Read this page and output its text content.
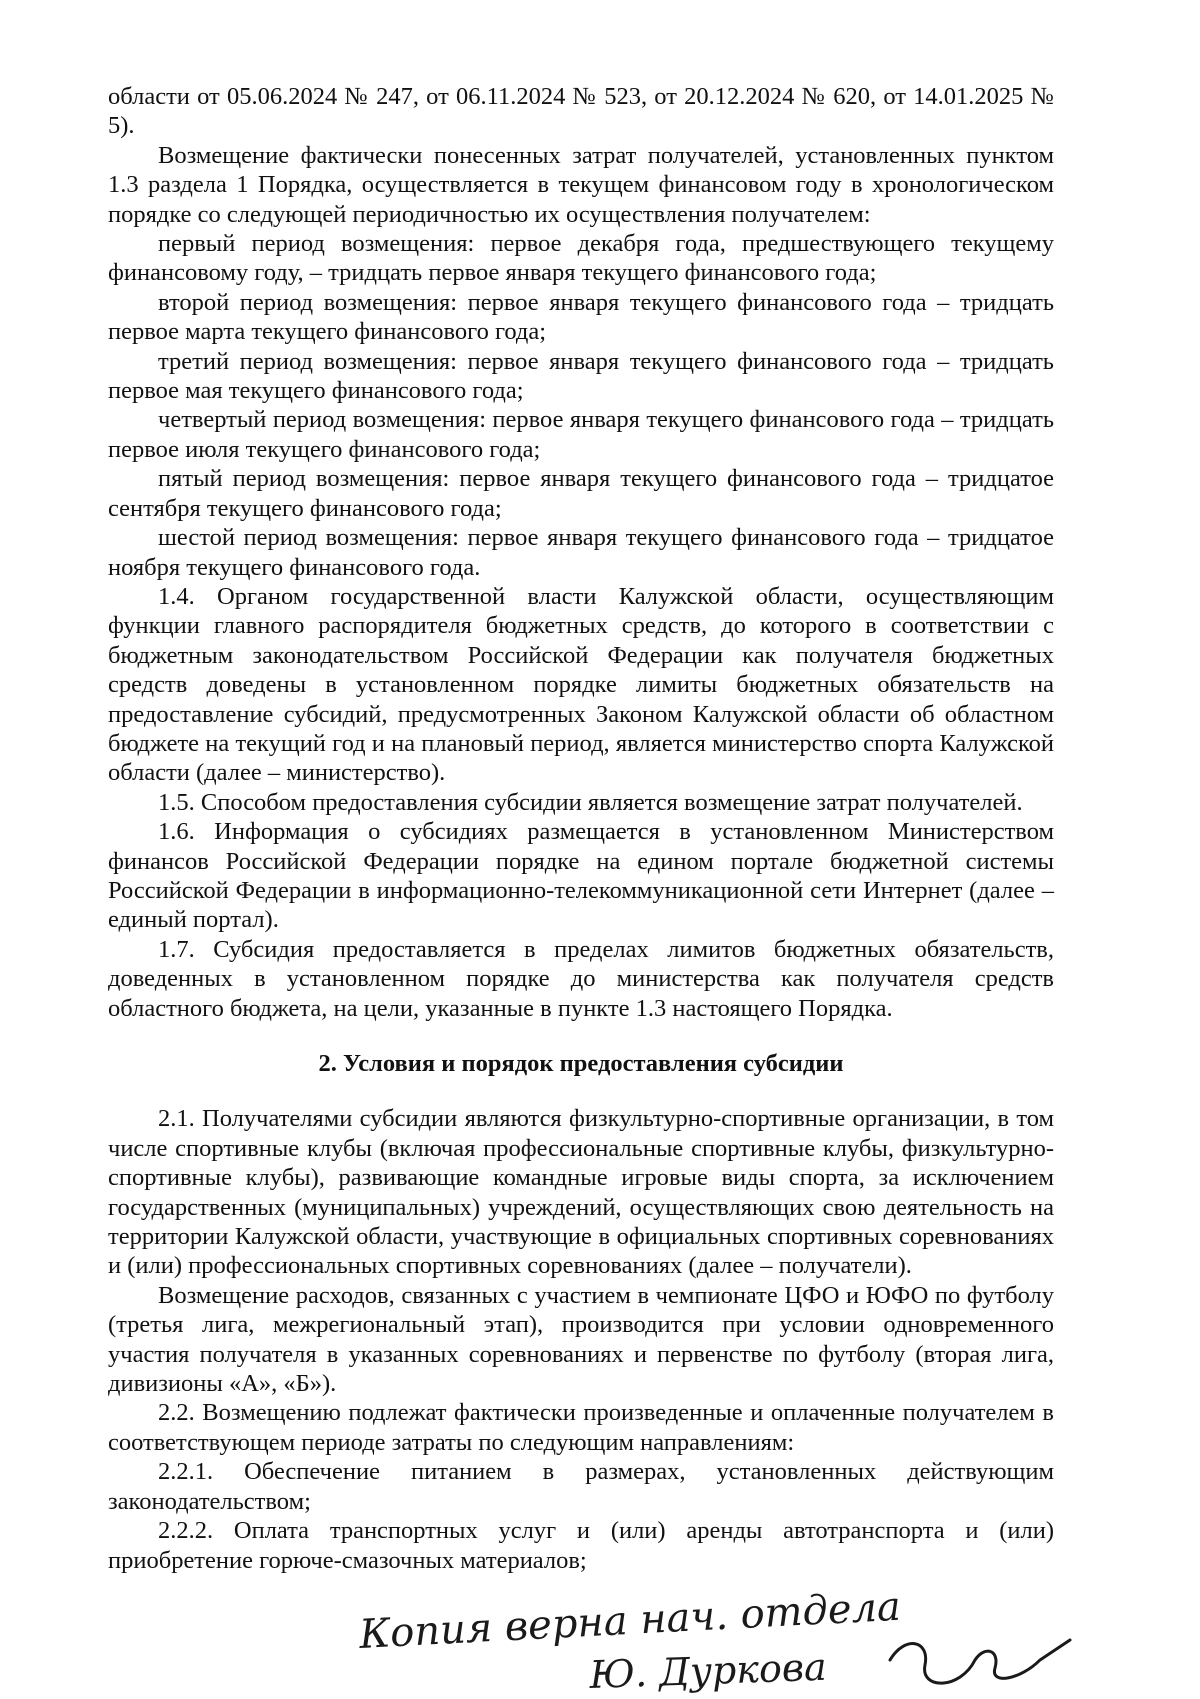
области от 05.06.2024 № 247, от 06.11.2024 № 523, от 20.12.2024 № 620, от 14.01.2025 № 5).

Возмещение фактически понесенных затрат получателей, установленных пунктом 1.3 раздела 1 Порядка, осуществляется в текущем финансовом году в хронологическом порядке со следующей периодичностью их осуществления получателем:

первый период возмещения: первое декабря года, предшествующего текущему финансовому году, – тридцать первое января текущего финансового года;

второй период возмещения: первое января текущего финансового года – тридцать первое марта текущего финансового года;

третий период возмещения: первое января текущего финансового года – тридцать первое мая текущего финансового года;

четвертый период возмещения: первое января текущего финансового года – тридцать первое июля текущего финансового года;

пятый период возмещения: первое января текущего финансового года – тридцатое сентября текущего финансового года;

шестой период возмещения: первое января текущего финансового года – тридцатое ноября текущего финансового года.

1.4. Органом государственной власти Калужской области, осуществляющим функции главного распорядителя бюджетных средств, до которого в соответствии с бюджетным законодательством Российской Федерации как получателя бюджетных средств доведены в установленном порядке лимиты бюджетных обязательств на предоставление субсидий, предусмотренных Законом Калужской области об областном бюджете на текущий год и на плановый период, является министерство спорта Калужской области (далее – министерство).

1.5. Способом предоставления субсидии является возмещение затрат получателей.

1.6. Информация о субсидиях размещается в установленном Министерством финансов Российской Федерации порядке на едином портале бюджетной системы Российской Федерации в информационно-телекоммуникационной сети Интернет (далее – единый портал).

1.7. Субсидия предоставляется в пределах лимитов бюджетных обязательств, доведенных в установленном порядке до министерства как получателя средств областного бюджета, на цели, указанные в пункте 1.3 настоящего Порядка.

2. Условия и порядок предоставления субсидии

2.1. Получателями субсидии являются физкультурно-спортивные организации, в том числе спортивные клубы (включая профессиональные спортивные клубы, физкультурно-спортивные клубы), развивающие командные игровые виды спорта, за исключением государственных (муниципальных) учреждений, осуществляющих свою деятельность на территории Калужской области, участвующие в официальных спортивных соревнованиях и (или) профессиональных спортивных соревнованиях (далее – получатели).

Возмещение расходов, связанных с участием в чемпионате ЦФО и ЮФО по футболу (третья лига, межрегиональный этап), производится при условии одновременного участия получателя в указанных соревнованиях и первенстве по футболу (вторая лига, дивизионы «А», «Б»).

2.2. Возмещению подлежат фактически произведенные и оплаченные получателем в соответствующем периоде затраты по следующим направлениям:

2.2.1. Обеспечение питанием в размерах, установленных действующим законодательством;

2.2.2. Оплата транспортных услуг и (или) аренды автотранспорта и (или) приобретение горюче-смазочных материалов;

Копия верна нач. отдела
Ю. Дуркова
